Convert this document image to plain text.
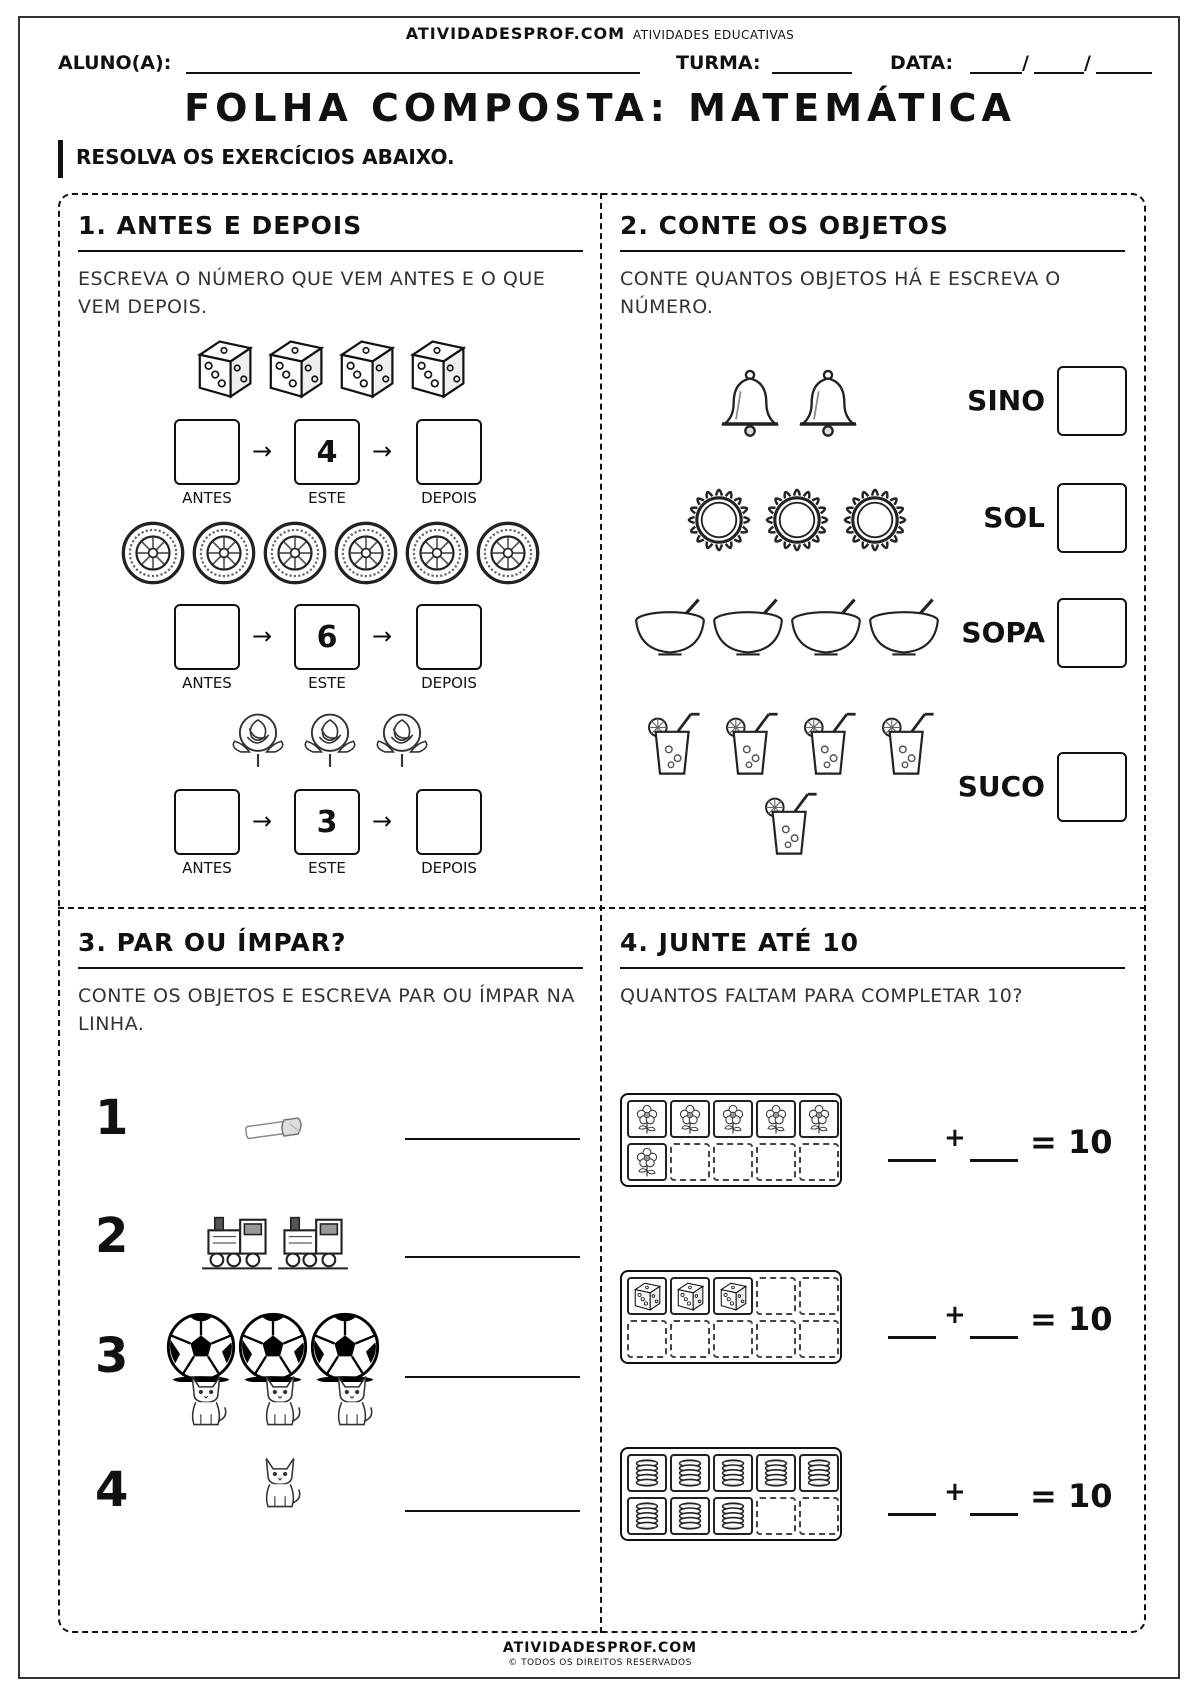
ATIVIDADESPROF.COM ATIVIDADES EDUCATIVAS
ALUNO(A):	TURMA:	DATA:	/	/
FOLHA COMPOSTA: MATEMÁTICA
RESOLVA OS EXERCÍCIOS ABAIXO.
1. ANTES E DEPOIS
ESCREVA O NÚMERO QUE VEM ANTES E O QUE VEM DEPOIS.
2. CONTE OS OBJETOS
CONTE QUANTOS OBJETOS HÁ E ESCREVA O NÚMERO.
3. PAR OU ÍMPAR?
CONTE OS OBJETOS E ESCREVA PAR OU ÍMPAR NA LINHA.
4. JUNTE ATÉ 10
QUANTOS FALTAM PARA COMPLETAR 10?
ATIVIDADESPROF.COM
© TODOS OS DIREITOS RESERVADOS
→	4	→
ANTES	ESTE	DEPOIS
→	6	→
ANTES	ESTE	DEPOIS
→	3	→
ANTES	ESTE	DEPOIS
SINO
SOL
SOPA
SUCO
1
2
3
4
+ = 10
+ = 10
+ = 10
